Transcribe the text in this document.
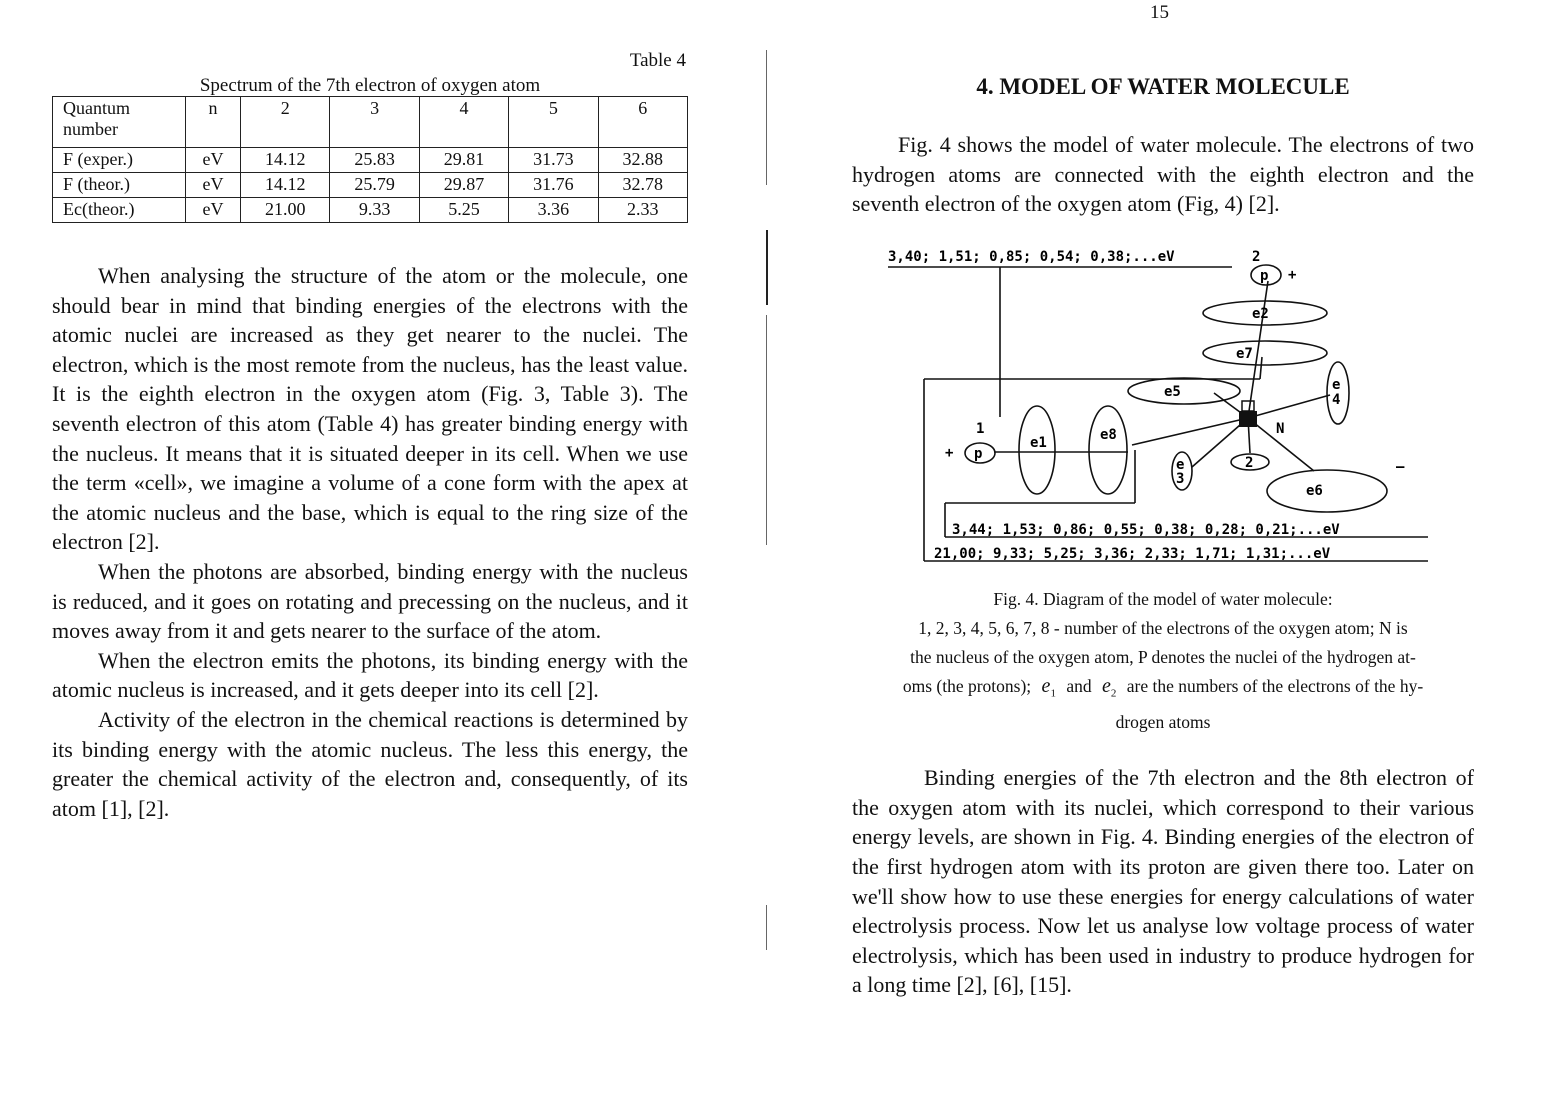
15
Table 4
Spectrum of the 7th electron of oxygen atom
Quantum number	n	2	3	4	5	6
F (exper.)	eV	14.12	25.83	29.81	31.73	32.88
F (theor.)	eV	14.12	25.79	29.87	31.76	32.78
Ec(theor.)	eV	21.00	9.33	5.25	3.36	2.33

When analysing the structure of the atom or the molecule, one should bear in mind that binding energies of the electrons with the atomic nuclei are increased as they get nearer to the nuclei. The electron, which is the most remote from the nucleus, has the least value. It is the eighth electron in the oxygen atom (Fig. 3, Table 3). The seventh electron of this atom (Table 4) has greater binding energy with the nucleus. It means that it is situated deeper in its cell. When we use the term «cell», we imagine a volume of a cone form with the apex at the atomic nucleus and the base, which is equal to the ring size of the electron [2].

When the photons are absorbed, binding energy with the nucleus is reduced, and it goes on rotating and precessing on the nucleus, and it moves away from it and gets nearer to the surface of the atom.

When the electron emits the photons, its binding energy with the atomic nucleus is increased, and it gets deeper into its cell [2].

Activity of the electron in the chemical reactions is determined by its binding energy with the atomic nucleus. The less this energy, the greater the chemical activity of the electron and, consequently, of its atom [1], [2].

4. MODEL OF WATER MOLECULE

Fig. 4 shows the model of water molecule. The electrons of two hydrogen atoms are connected with the eighth electron and the seventh electron of the oxygen atom (Fig, 4) [2].

3,40; 1,51; 0,85; 0,54; 0,38;...eV	2
p +
e2
e7
e5	e
4
N
1
+ p
e1	e8
e
3
2
e6
–
3,44; 1,53; 0,86; 0,55; 0,38; 0,28; 0,21;...eV
21,00; 9,33; 5,25; 3,36; 2,33; 1,71; 1,31;...eV
Fig. 4. Diagram of the model of water molecule:
1, 2, 3, 4, 5, 6, 7, 8 - number of the electrons of the oxygen atom; N is
the nucleus of the oxygen atom, P denotes the nuclei of the hydrogen at-
oms (the protons); $e_1$ and $e_2$ are the numbers of the electrons of the hy-
drogen atoms

Binding energies of the 7th electron and the 8th electron of the oxygen atom with its nuclei, which correspond to their various energy levels, are shown in Fig. 4. Binding energies of the electron of the first hydrogen atom with its proton are given there too. Later on we'll show how to use these energies for energy calculations of water electrolysis process. Now let us analyse low voltage process of water electrolysis, which has been used in industry to produce hydrogen for a long time [2], [6], [15].
